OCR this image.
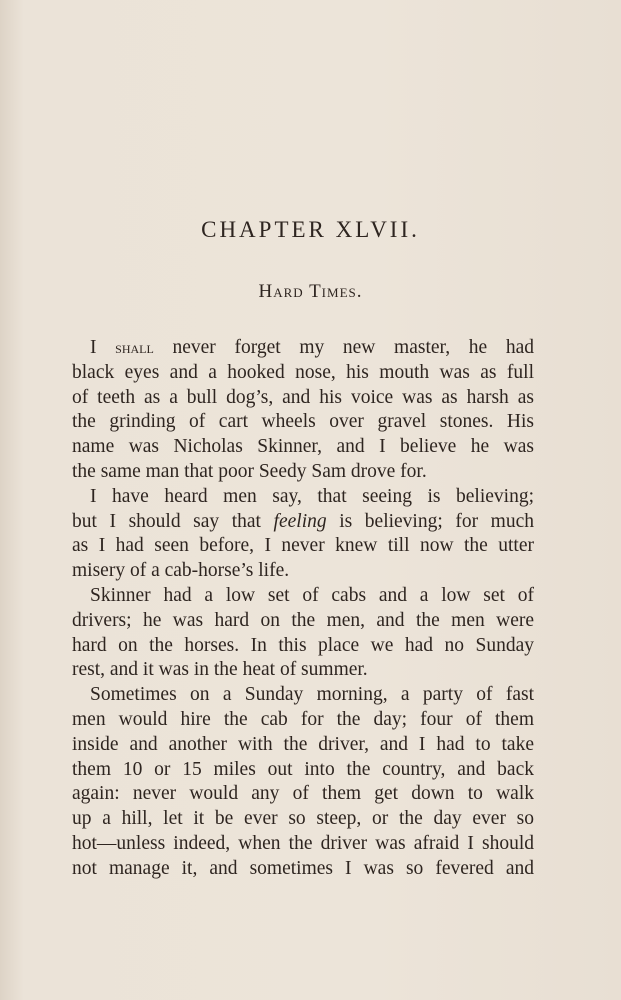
CHAPTER XLVII.
Hard Times.
I shall never forget my new master, he had
black eyes and a hooked nose, his mouth was as full
of teeth as a bull dog’s, and his voice was as harsh as
the grinding of cart wheels over gravel stones. His
name was Nicholas Skinner, and I believe he was
the same man that poor Seedy Sam drove for.
I have heard men say, that seeing is believing;
but I should say that feeling is believing; for much
as I had seen before, I never knew till now the utter
misery of a cab-horse’s life.
Skinner had a low set of cabs and a low set of
drivers; he was hard on the men, and the men were
hard on the horses. In this place we had no Sunday
rest, and it was in the heat of summer.
Sometimes on a Sunday morning, a party of fast
men would hire the cab for the day; four of them
inside and another with the driver, and I had to take
them 10 or 15 miles out into the country, and back
again: never would any of them get down to walk
up a hill, let it be ever so steep, or the day ever so
hot—unless indeed, when the driver was afraid I should
not manage it, and sometimes I was so fevered and
